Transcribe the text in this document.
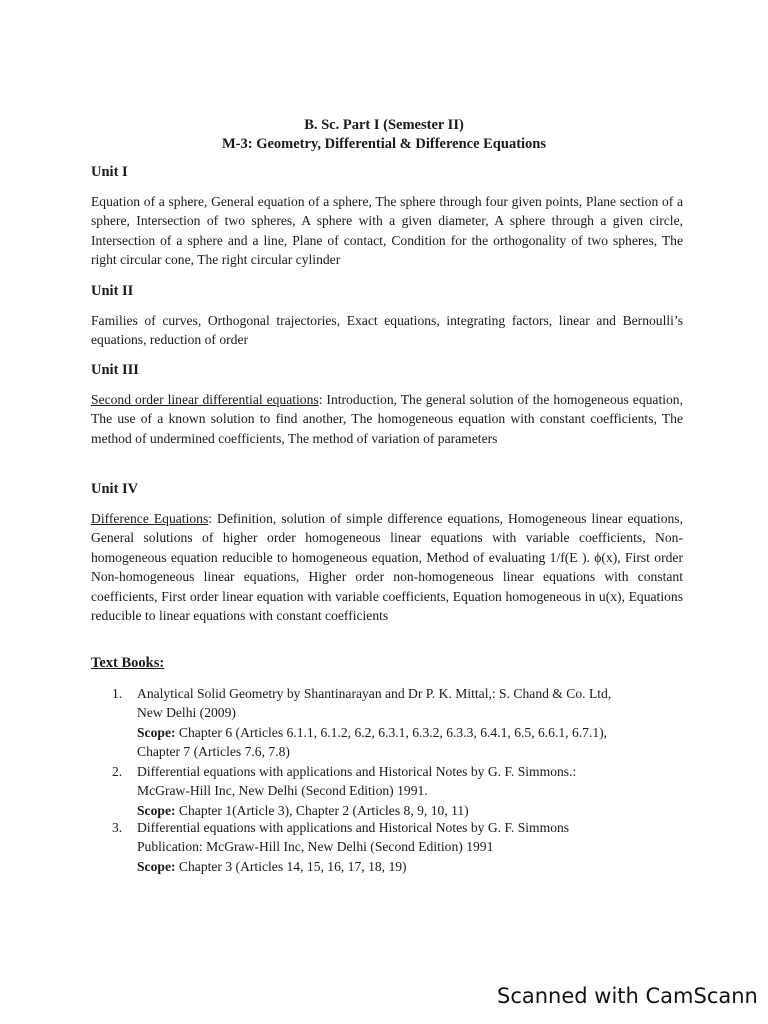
B. Sc. Part I (Semester II)
M-3: Geometry, Differential & Difference Equations
Unit I
Equation of a sphere, General equation of a sphere, The sphere through four given points, Plane section of a sphere, Intersection of two spheres, A sphere with a given diameter, A sphere through a given circle, Intersection of a sphere and a line, Plane of contact, Condition for the orthogonality of two spheres, The right circular cone, The right circular cylinder
Unit II
Families of curves, Orthogonal trajectories, Exact equations, integrating factors, linear and Bernoulli’s equations, reduction of order
Unit III
Second order linear differential equations: Introduction, The general solution of the homogeneous equation, The use of a known solution to find another, The homogeneous equation with constant coefficients, The method of undermined coefficients, The method of variation of parameters
Unit IV
Difference Equations: Definition, solution of simple difference equations, Homogeneous linear equations, General solutions of higher order homogeneous linear equations with variable coefficients, Non-homogeneous equation reducible to homogeneous equation, Method of evaluating 1/f(E ). ϕ(x), First order Non-homogeneous linear equations, Higher order non-homogeneous linear equations with constant coefficients, First order linear equation with variable coefficients, Equation homogeneous in u(x), Equations reducible to linear equations with constant coefficients
Text Books:
1.	Analytical Solid Geometry by Shantinarayan and Dr P. K. Mittal,: S. Chand & Co. Ltd,
New Delhi (2009)
Scope: Chapter 6 (Articles 6.1.1, 6.1.2, 6.2, 6.3.1, 6.3.2, 6.3.3, 6.4.1, 6.5, 6.6.1, 6.7.1),
Chapter 7 (Articles 7.6, 7.8)
2.	Differential equations with applications and Historical Notes by G. F. Simmons.:
McGraw-Hill Inc, New Delhi (Second Edition) 1991.
Scope: Chapter 1(Article 3), Chapter 2 (Articles 8, 9, 10, 11)
3.	Differential equations with applications and Historical Notes by G. F. Simmons
Publication: McGraw-Hill Inc, New Delhi (Second Edition) 1991
Scope: Chapter 3 (Articles 14, 15, 16, 17, 18, 19)
Scanned with CamScann
